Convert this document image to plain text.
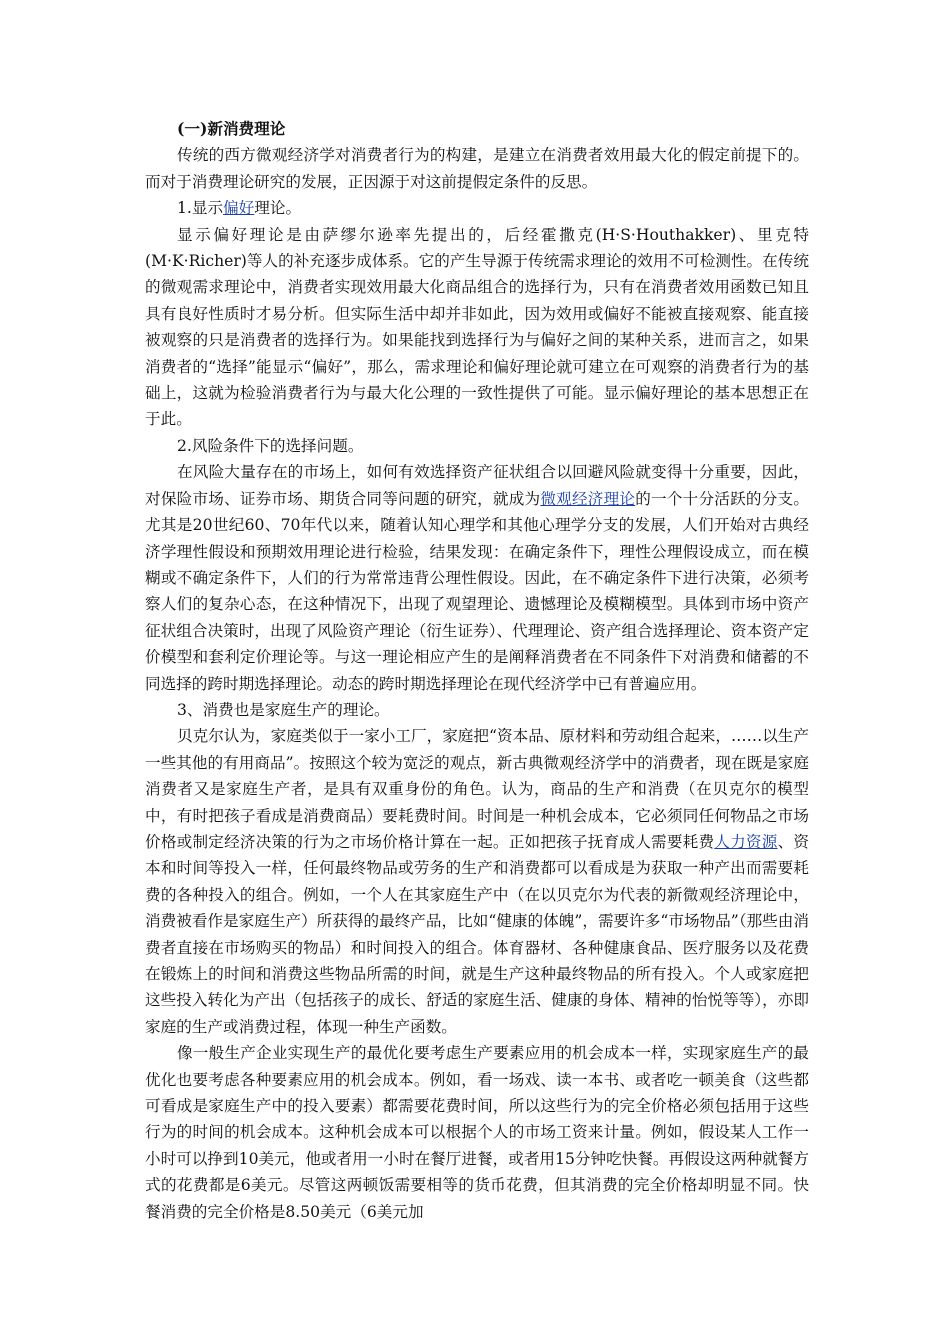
(一)新消费理论

传统的西方微观经济学对消费者行为的构建，是建立在消费者效用最大化的假定前提下的。而对于消费理论研究的发展，正因源于对这前提假定条件的反思。

1.显示偏好理论。

显示偏好理论是由萨缪尔逊率先提出的，后经霍撒克(H·S·Houthakker)、里克特(M·K·Richer)等人的补充逐步成体系。它的产生导源于传统需求理论的效用不可检测性。在传统的微观需求理论中，消费者实现效用最大化商品组合的选择行为，只有在消费者效用函数已知且具有良好性质时才易分析。但实际生活中却并非如此，因为效用或偏好不能被直接观察、能直接被观察的只是消费者的选择行为。如果能找到选择行为与偏好之间的某种关系，进而言之，如果消费者的“选择”能显示“偏好”，那么，需求理论和偏好理论就可建立在可观察的消费者行为的基础上，这就为检验消费者行为与最大化公理的一致性提供了可能。显示偏好理论的基本思想正在于此。

2.风险条件下的选择问题。

在风险大量存在的市场上，如何有效选择资产征状组合以回避风险就变得十分重要，因此，对保险市场、证券市场、期货合同等问题的研究，就成为微观经济理论的一个十分活跃的分支。尤其是20世纪60、70年代以来，随着认知心理学和其他心理学分支的发展，人们开始对古典经济学理性假设和预期效用理论进行检验，结果发现：在确定条件下，理性公理假设成立，而在模糊或不确定条件下，人们的行为常常违背公理性假设。因此，在不确定条件下进行决策，必须考察人们的复杂心态，在这种情况下，出现了观望理论、遗憾理论及模糊模型。具体到市场中资产征状组合决策时，出现了风险资产理论（衍生证券）、代理理论、资产组合选择理论、资本资产定价模型和套利定价理论等。与这一理论相应产生的是阐释消费者在不同条件下对消费和储蓄的不同选择的跨时期选择理论。动态的跨时期选择理论在现代经济学中已有普遍应用。

3、消费也是家庭生产的理论。

贝克尔认为，家庭类似于一家小工厂，家庭把“资本品、原材料和劳动组合起来，……以生产一些其他的有用商品”。按照这个较为宽泛的观点，新古典微观经济学中的消费者，现在既是家庭消费者又是家庭生产者，是具有双重身份的角色。认为，商品的生产和消费（在贝克尔的模型中，有时把孩子看成是消费商品）要耗费时间。时间是一种机会成本，它必须同任何物品之市场价格或制定经济决策的行为之市场价格计算在一起。正如把孩子抚育成人需要耗费人力资源、资本和时间等投入一样，任何最终物品或劳务的生产和消费都可以看成是为获取一种产出而需要耗费的各种投入的组合。例如，一个人在其家庭生产中（在以贝克尔为代表的新微观经济理论中，消费被看作是家庭生产）所获得的最终产品，比如“健康的体魄”，需要许多“市场物品”（那些由消费者直接在市场购买的物品）和时间投入的组合。体育器材、各种健康食品、医疗服务以及花费在锻炼上的时间和消费这些物品所需的时间，就是生产这种最终物品的所有投入。个人或家庭把这些投入转化为产出（包括孩子的成长、舒适的家庭生活、健康的身体、精神的怡悦等等），亦即家庭的生产或消费过程，体现一种生产函数。

像一般生产企业实现生产的最优化要考虑生产要素应用的机会成本一样，实现家庭生产的最优化也要考虑各种要素应用的机会成本。例如，看一场戏、读一本书、或者吃一顿美食（这些都可看成是家庭生产中的投入要素）都需要花费时间，所以这些行为的完全价格必须包括用于这些行为的时间的机会成本。这种机会成本可以根据个人的市场工资来计量。例如，假设某人工作一小时可以挣到10美元，他或者用一小时在餐厅进餐，或者用15分钟吃快餐。再假设这两种就餐方式的花费都是6美元。尽管这两顿饭需要相等的货币花费，但其消费的完全价格却明显不同。快餐消费的完全价格是8.50美元（6美元加
